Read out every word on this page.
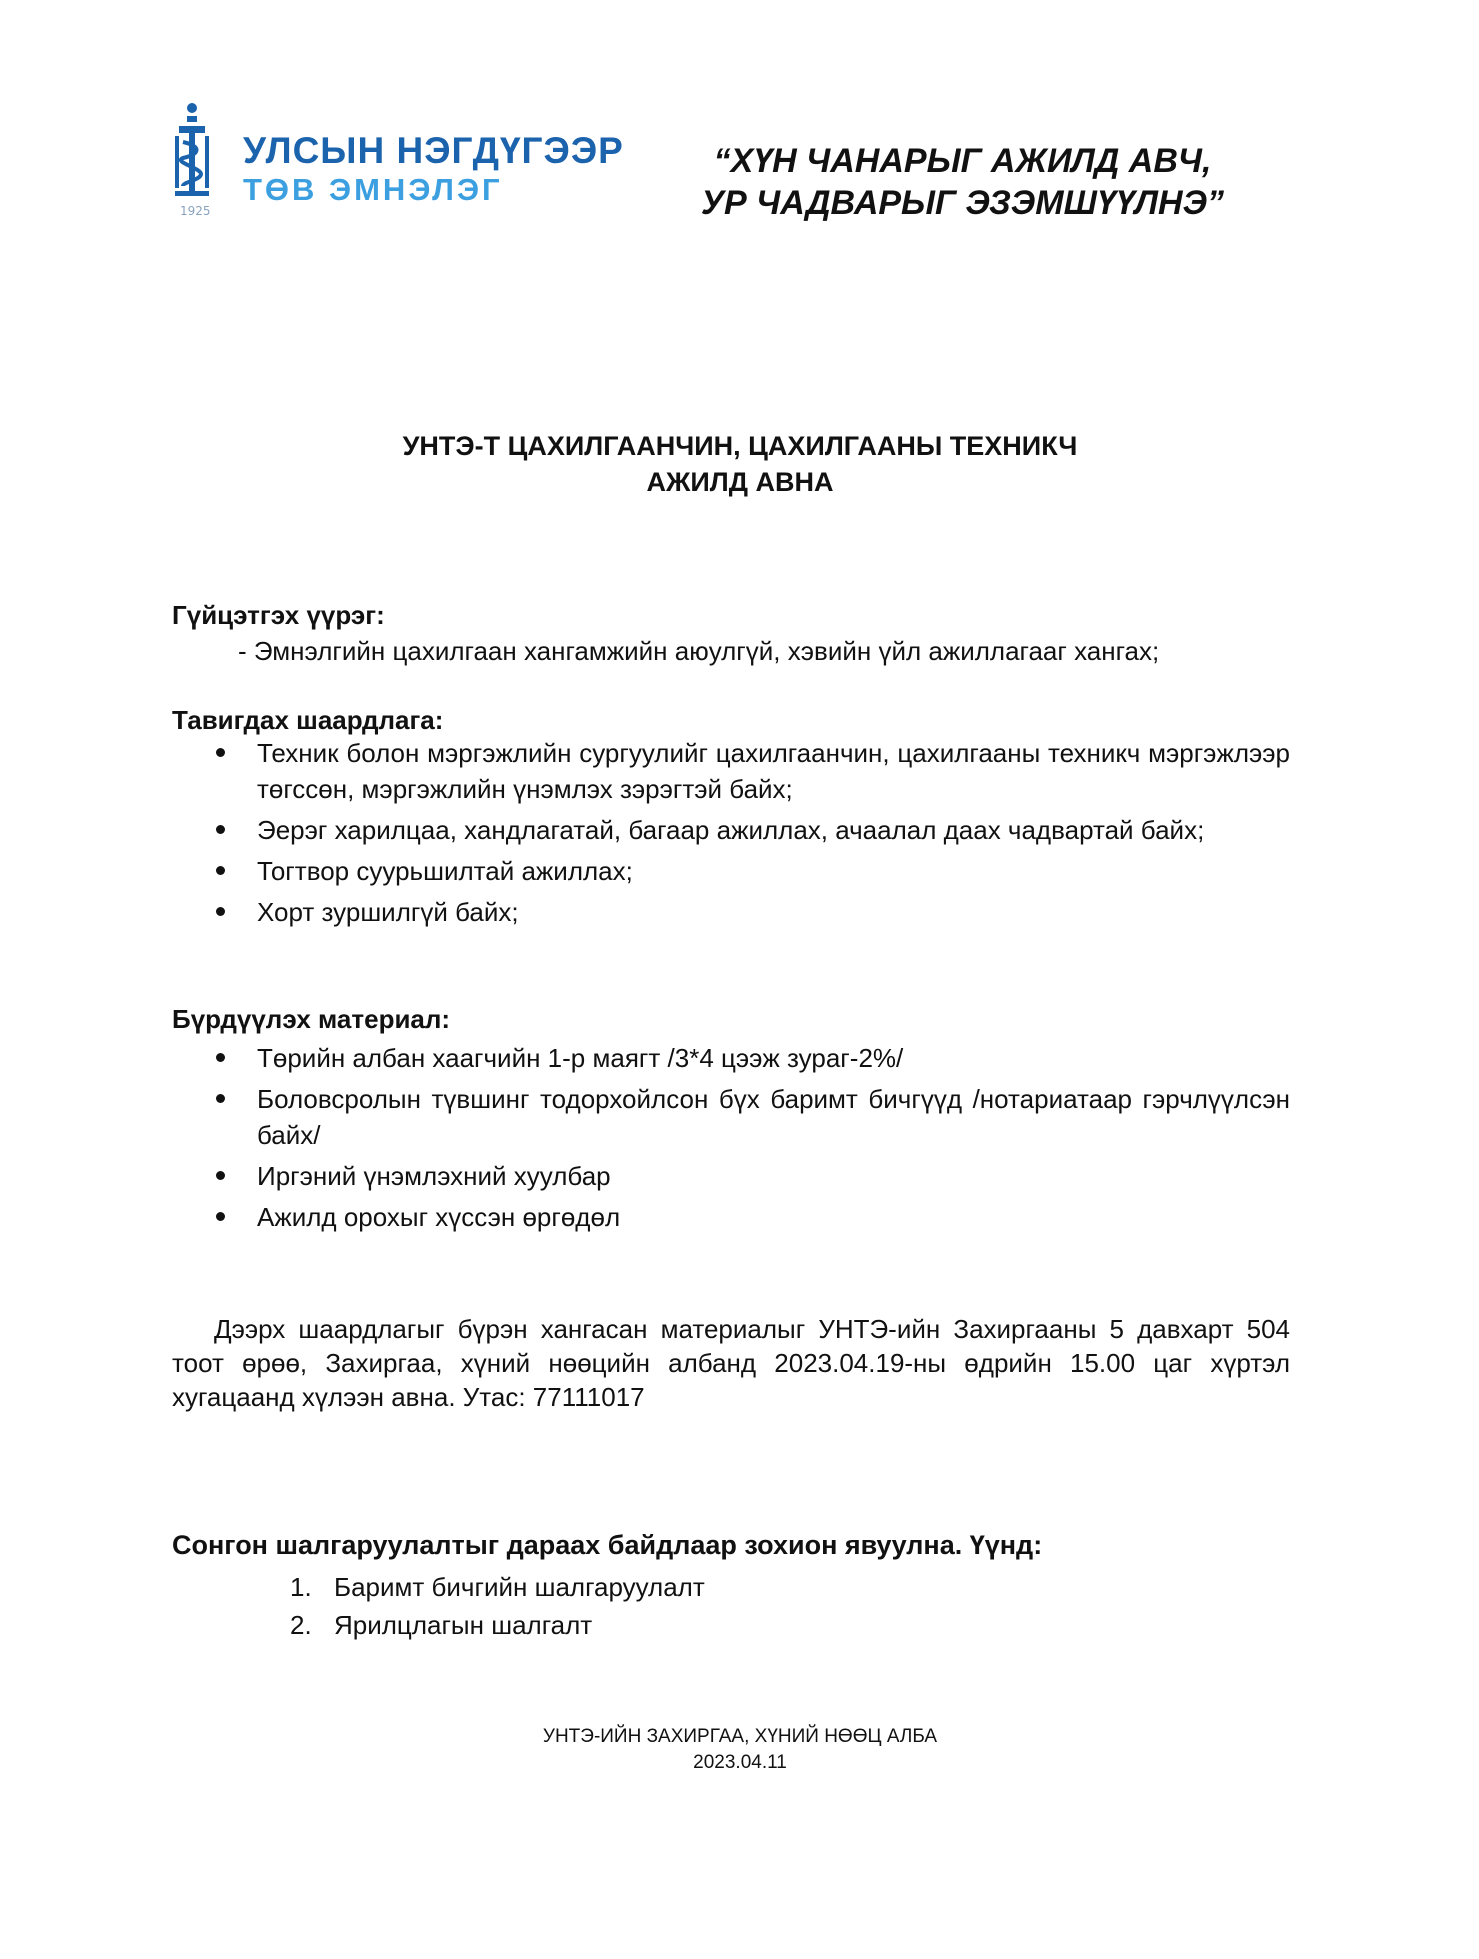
УЛСЫН НЭГДҮГЭЭР
ТӨВ ЭМНЭЛЭГ
1925
“ХҮН ЧАНАРЫГ АЖИЛД АВЧ,
УР ЧАДВАРЫГ ЭЗЭМШҮҮЛНЭ”
УНТЭ-Т ЦАХИЛГААНЧИН, ЦАХИЛГААНЫ ТЕХНИКЧ
АЖИЛД АВНА
Гүйцэтгэх үүрэг:
- Эмнэлгийн цахилгаан хангамжийн аюулгүй, хэвийн үйл ажиллагааг хангах;
Тавигдах шаардлага:
Техник болон мэргэжлийн сургуулийг цахилгаанчин, цахилгааны техникч мэргэжлээр төгссөн, мэргэжлийн үнэмлэх зэрэгтэй байх;
Эерэг харилцаа, хандлагатай, багаар ажиллах, ачаалал даах чадвартай байх;
Тогтвор суурьшилтай ажиллах;
Хорт зуршилгүй байх;
Бүрдүүлэх материал:
Төрийн албан хаагчийн 1-р маягт /3*4 цээж зураг-2%/
Боловсролын түвшинг тодорхойлсон бүх баримт бичгүүд /нотариатаар гэрчлүүлсэн байх/
Иргэний үнэмлэхний хуулбар
Ажилд орохыг хүссэн өргөдөл
Дээрх шаардлагыг бүрэн хангасан материалыг УНТЭ-ийн Захиргааны 5 давхарт 504 тоот өрөө, Захиргаа, хүний нөөцийн албанд 2023.04.19-ны өдрийн 15.00 цаг хүртэл хугацаанд хүлээн авна. Утас: 77111017
Сонгон шалгаруулалтыг дараах байдлаар зохион явуулна. Үүнд:
1. Баримт бичгийн шалгаруулалт
2. Ярилцлагын шалгалт
УНТЭ-ИЙН ЗАХИРГАА, ХҮНИЙ НӨӨЦ АЛБА
2023.04.11
